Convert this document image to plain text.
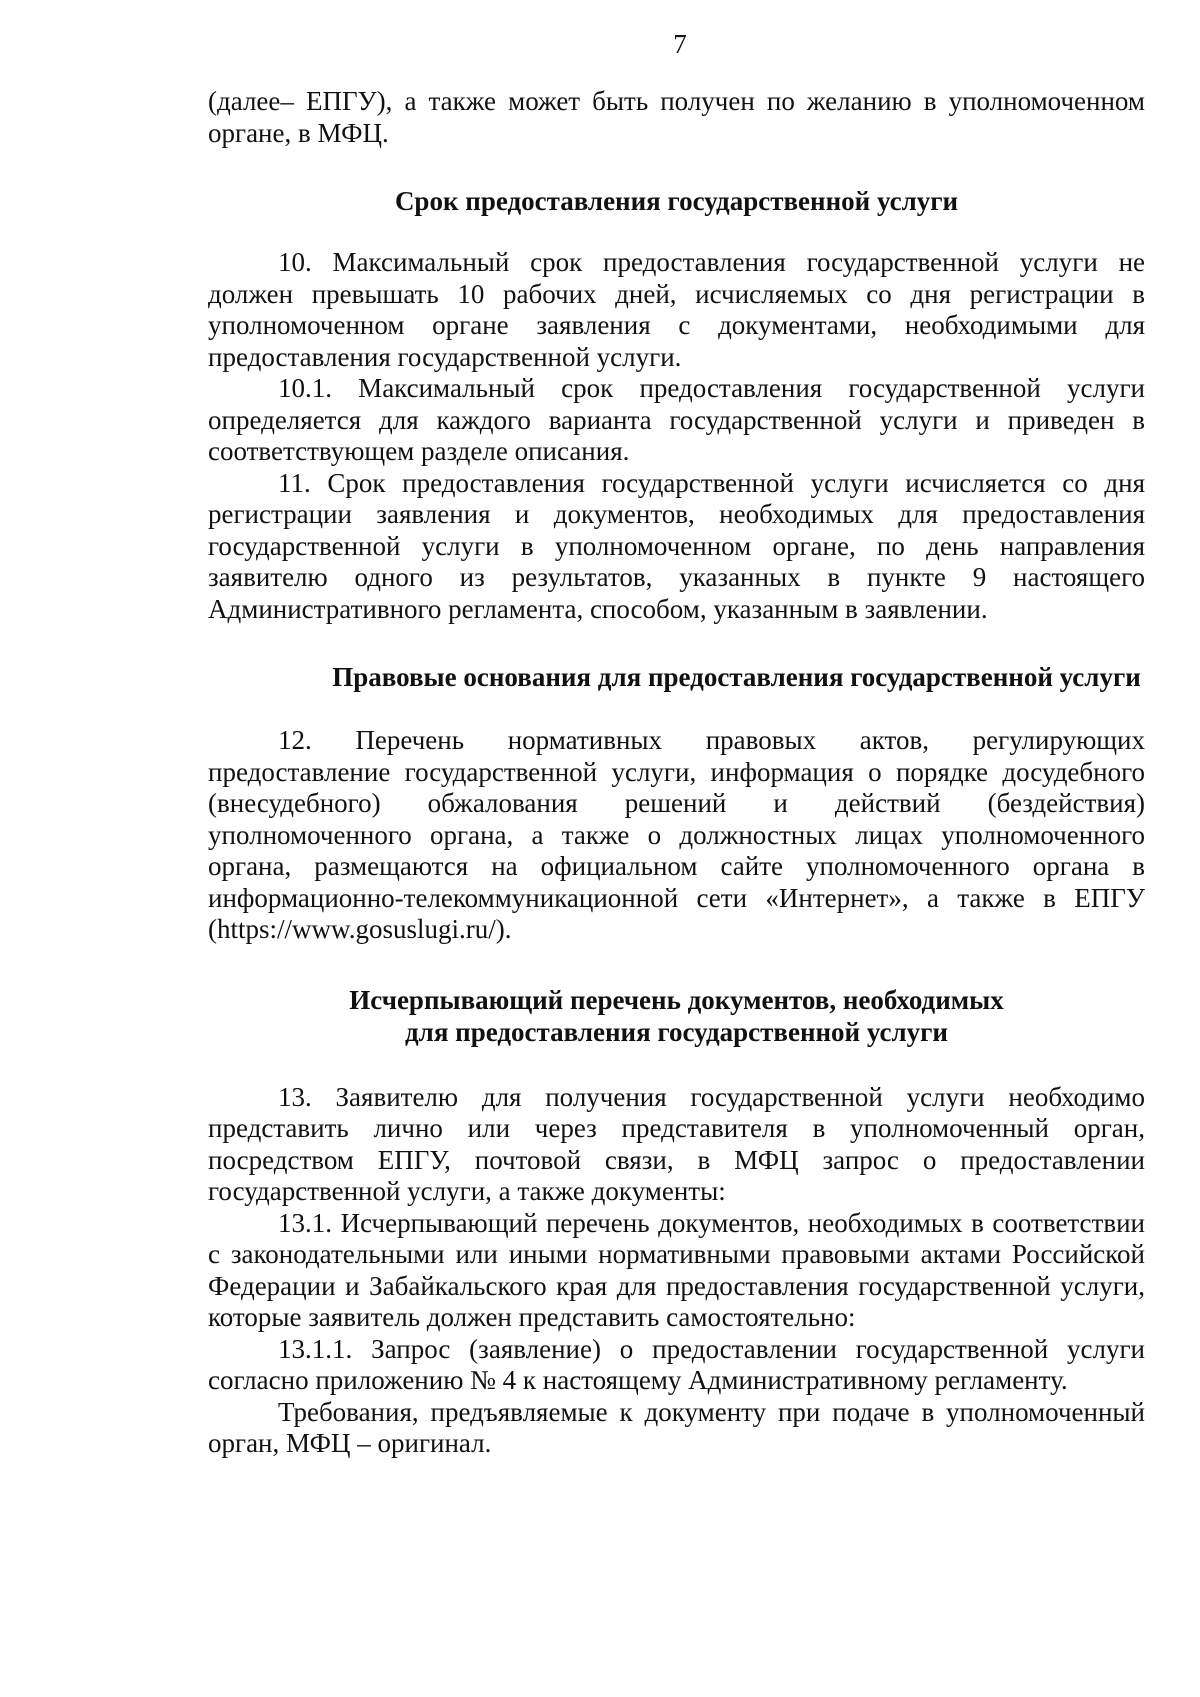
7

(далее– ЕПГУ), а также может быть получен по желанию в уполномоченном органе, в МФЦ.

Срок предоставления государственной услуги

10. Максимальный срок предоставления государственной услуги не должен превышать 10 рабочих дней, исчисляемых со дня регистрации в уполномоченном органе заявления с документами, необходимыми для предоставления государственной услуги.

10.1. Максимальный срок предоставления государственной услуги определяется для каждого варианта государственной услуги и приведен в соответствующем разделе описания.

11. Срок предоставления государственной услуги исчисляется со дня регистрации заявления и документов, необходимых для предоставления государственной услуги в уполномоченном органе, по день направления заявителю одного из результатов, указанных в пункте 9 настоящего Административного регламента, способом, указанным в заявлении.

Правовые основания для предоставления государственной услуги

12. Перечень нормативных правовых актов, регулирующих предоставление государственной услуги, информация о порядке досудебного (внесудебного) обжалования решений и действий (бездействия) уполномоченного органа, а также о должностных лицах уполномоченного органа, размещаются на официальном сайте уполномоченного органа в информационно-телекоммуникационной сети «Интернет», а также в ЕПГУ (https://www.gosuslugi.ru/).

Исчерпывающий перечень документов, необходимых
для предоставления государственной услуги

13. Заявителю для получения государственной услуги необходимо представить лично или через представителя в уполномоченный орган, посредством ЕПГУ, почтовой связи, в МФЦ запрос о предоставлении государственной услуги, а также документы:

13.1. Исчерпывающий перечень документов, необходимых в соответствии с законодательными или иными нормативными правовыми актами Российской Федерации и Забайкальского края для предоставления государственной услуги, которые заявитель должен представить самостоятельно:

13.1.1. Запрос (заявление) о предоставлении государственной услуги согласно приложению № 4 к настоящему Административному регламенту.

Требования, предъявляемые к документу при подаче в уполномоченный орган, МФЦ – оригинал.
